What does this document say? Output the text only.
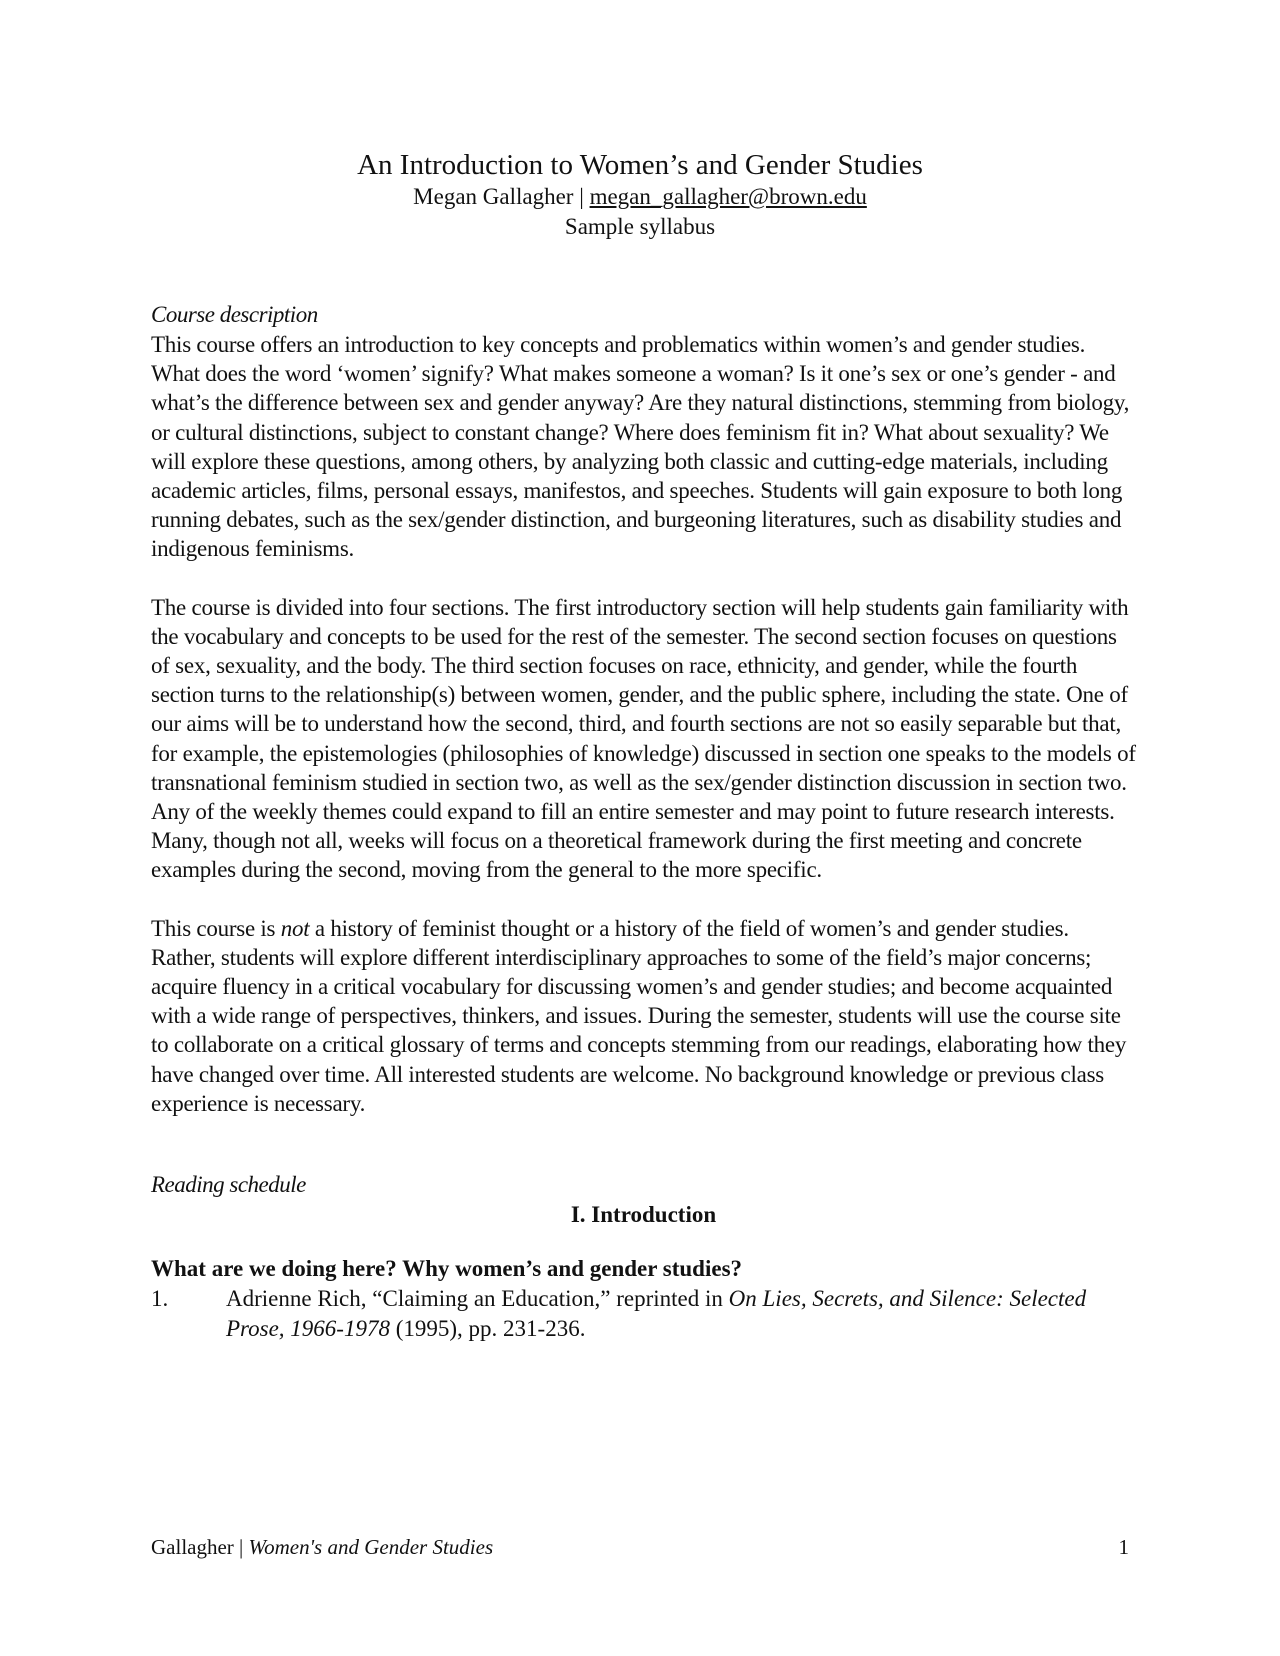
An Introduction to Women’s and Gender Studies
Megan Gallagher | megan_gallagher@brown.edu
Sample syllabus
Course description

This course offers an introduction to key concepts and problematics within women’s and gender studies. What does the word ‘women’ signify? What makes someone a woman? Is it one’s sex or one’s gender - and what’s the difference between sex and gender anyway? Are they natural distinctions, stemming from biology, or cultural distinctions, subject to constant change? Where does feminism fit in? What about sexuality? We will explore these questions, among others, by analyzing both classic and cutting-edge materials, including academic articles, films, personal essays, manifestos, and speeches. Students will gain exposure to both long running debates, such as the sex/gender distinction, and burgeoning literatures, such as disability studies and indigenous feminisms.

The course is divided into four sections. The first introductory section will help students gain familiarity with the vocabulary and concepts to be used for the rest of the semester. The second section focuses on questions of sex, sexuality, and the body. The third section focuses on race, ethnicity, and gender, while the fourth section turns to the relationship(s) between women, gender, and the public sphere, including the state. One of our aims will be to understand how the second, third, and fourth sections are not so easily separable but that, for example, the epistemologies (philosophies of knowledge) discussed in section one speaks to the models of transnational feminism studied in section two, as well as the sex/gender distinction discussion in section two. Any of the weekly themes could expand to fill an entire semester and may point to future research interests. Many, though not all, weeks will focus on a theoretical framework during the first meeting and concrete examples during the second, moving from the general to the more specific.

This course is not a history of feminist thought or a history of the field of women’s and gender studies. Rather, students will explore different interdisciplinary approaches to some of the field’s major concerns; acquire fluency in a critical vocabulary for discussing women’s and gender studies; and become acquainted with a wide range of perspectives, thinkers, and issues. During the semester, students will use the course site to collaborate on a critical glossary of terms and concepts stemming from our readings, elaborating how they have changed over time. All interested students are welcome. No background knowledge or previous class experience is necessary.

Reading schedule
I. Introduction
What are we doing here? Why women’s and gender studies?
1.	Adrienne Rich, “Claiming an Education,” reprinted in On Lies, Secrets, and Silence: Selected Prose, 1966-1978 (1995), pp. 231-236.
Gallagher | Women's and Gender Studies	1
